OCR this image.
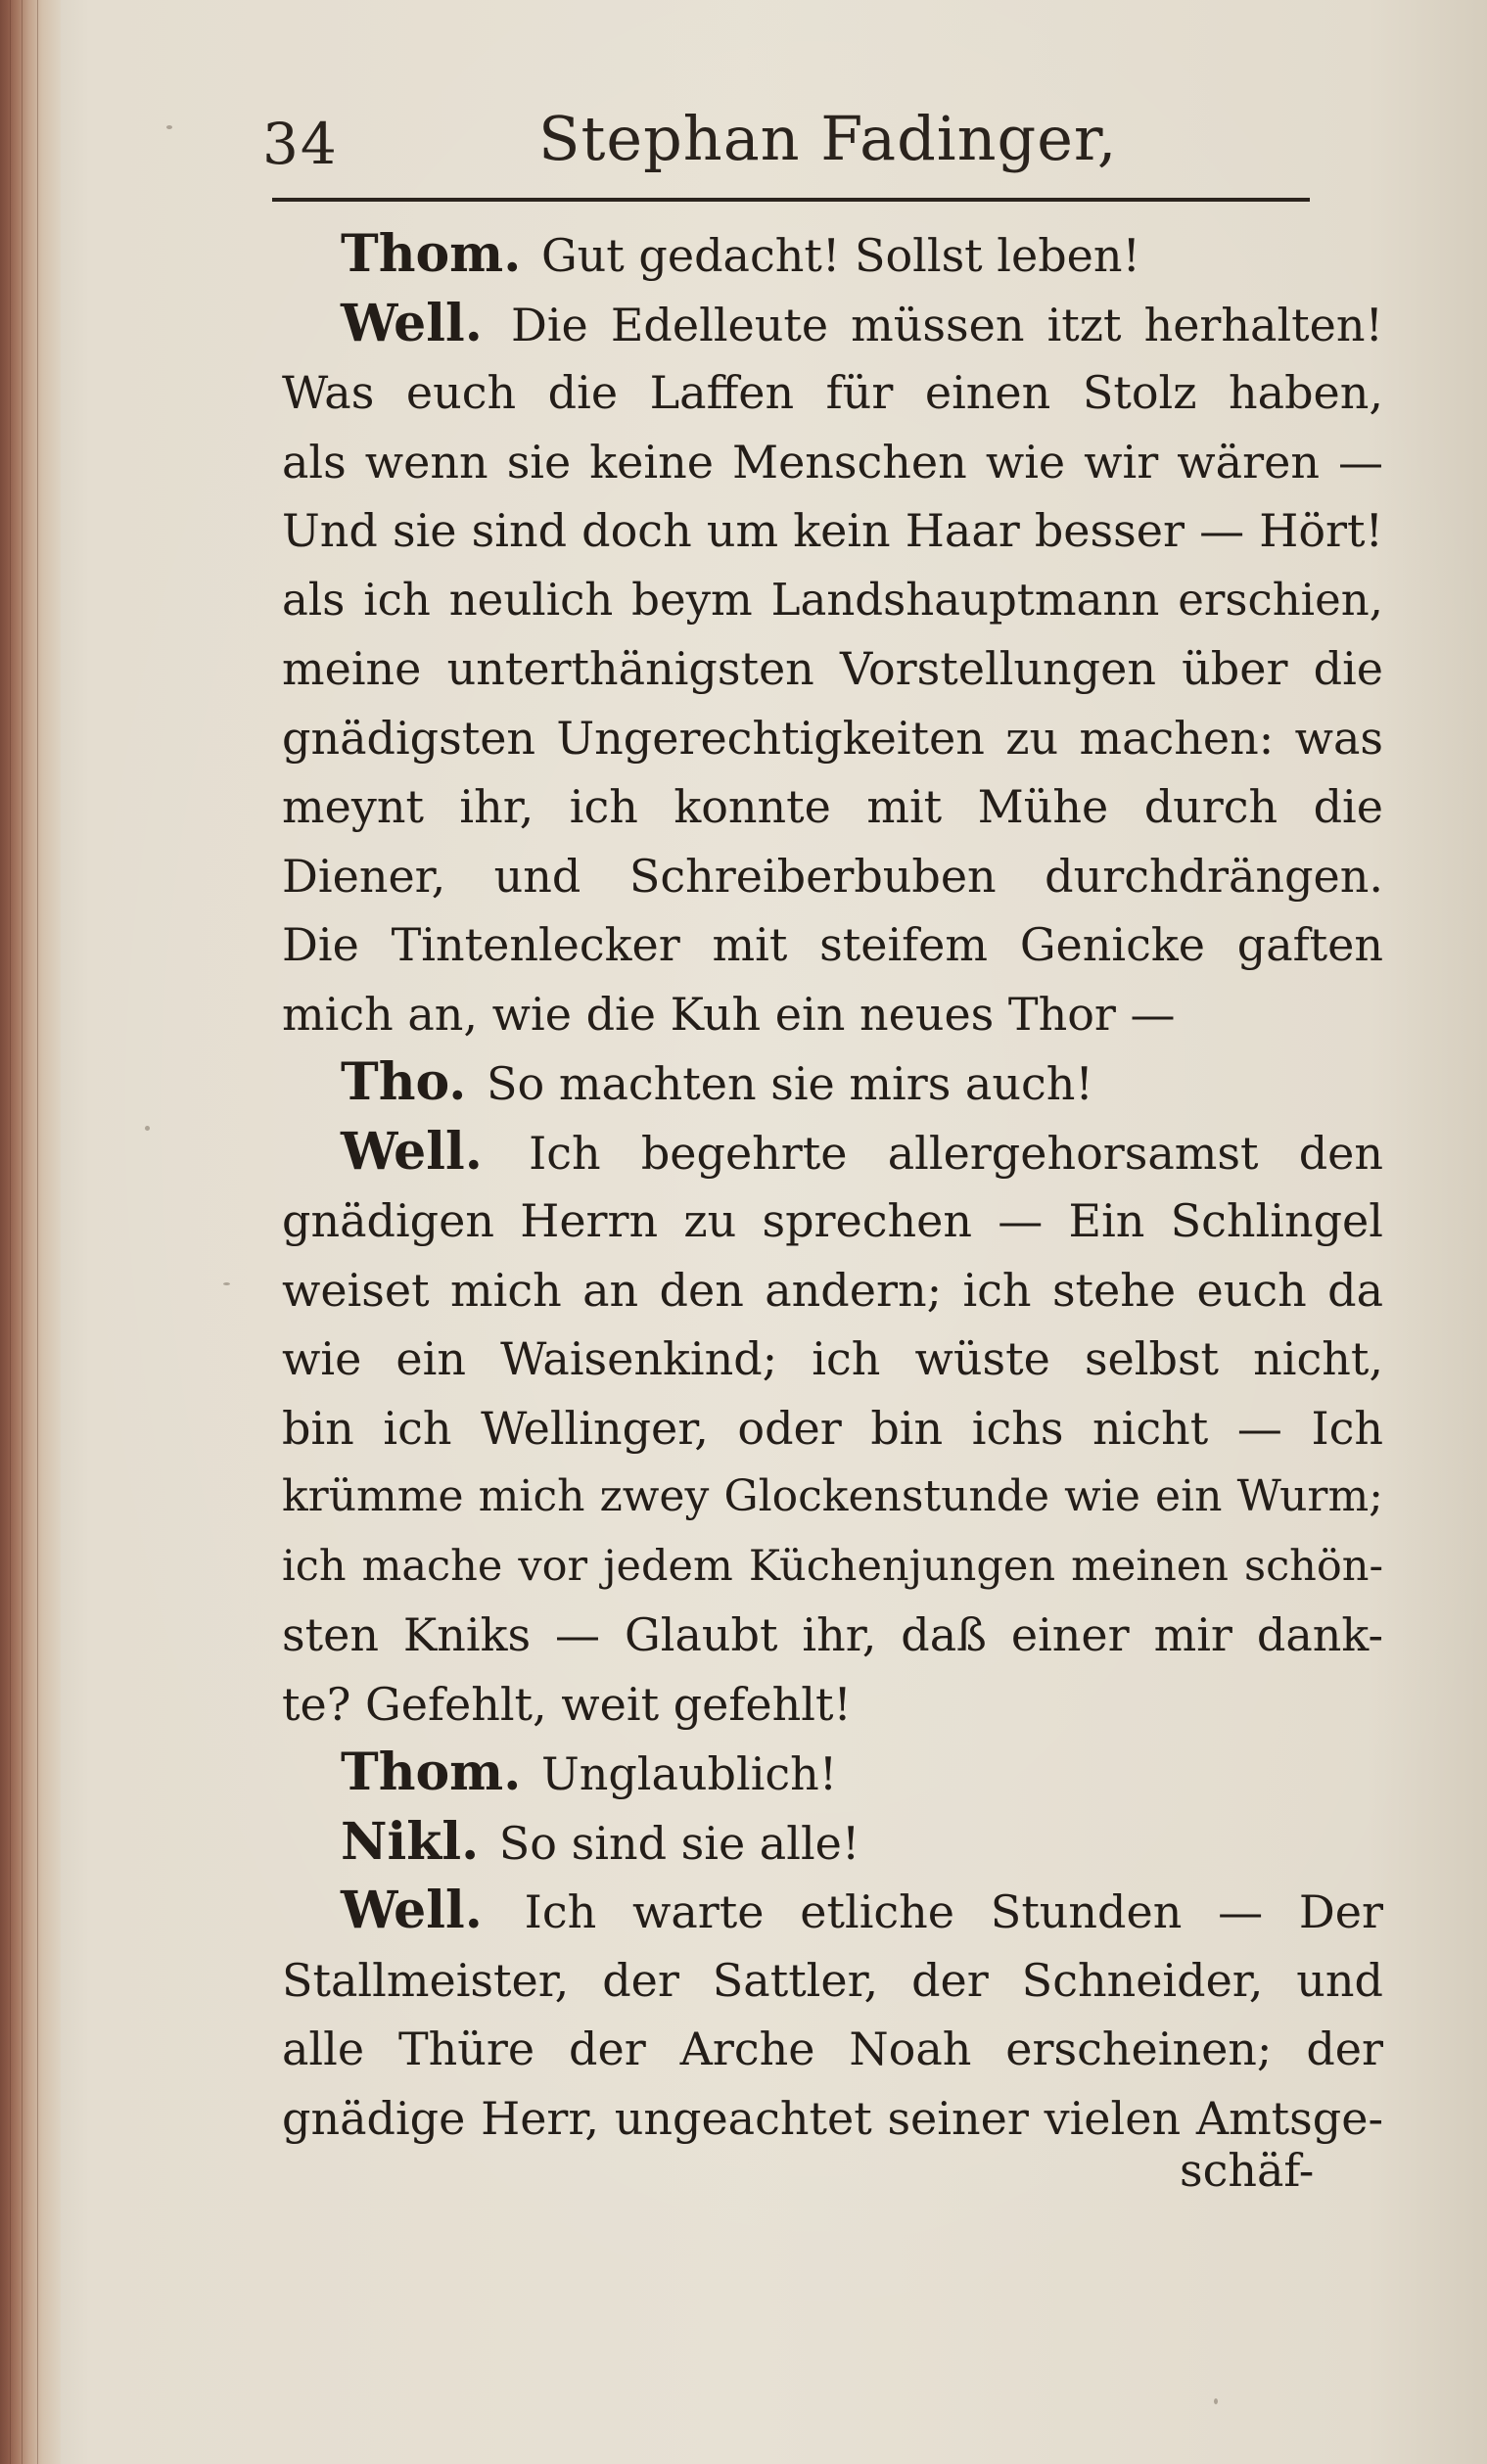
34	Stephan Fadinger,
Thom. Gut gedacht! Sollst leben!
Well. Die Edelleute müssen itzt herhalten!
Was euch die Laffen für einen Stolz haben,
als wenn sie keine Menschen wie wir wären —
Und sie sind doch um kein Haar besser — Hört!
als ich neulich beym Landshauptmann erschien,
meine unterthänigsten Vorstellungen über die
gnädigsten Ungerechtigkeiten zu machen: was
meynt ihr, ich konnte mit Mühe durch die
Diener, und Schreiberbuben durchdrängen.
Die Tintenlecker mit steifem Genicke gaften
mich an, wie die Kuh ein neues Thor —
Tho. So machten sie mirs auch!
Well. Ich begehrte allergehorsamst den
gnädigen Herrn zu sprechen — Ein Schlingel
weiset mich an den andern; ich stehe euch da
wie ein Waisenkind; ich wüste selbst nicht,
bin ich Wellinger, oder bin ichs nicht — Ich
krümme mich zwey Glockenstunde wie ein Wurm;
ich mache vor jedem Küchenjungen meinen schön-
sten Kniks — Glaubt ihr, daß einer mir dank-
te? Gefehlt, weit gefehlt!
Thom. Unglaublich!
Nikl. So sind sie alle!
Well. Ich warte etliche Stunden — Der
Stallmeister, der Sattler, der Schneider, und
alle Thüre der Arche Noah erscheinen; der
gnädige Herr, ungeachtet seiner vielen Amtsge-
schäf-
